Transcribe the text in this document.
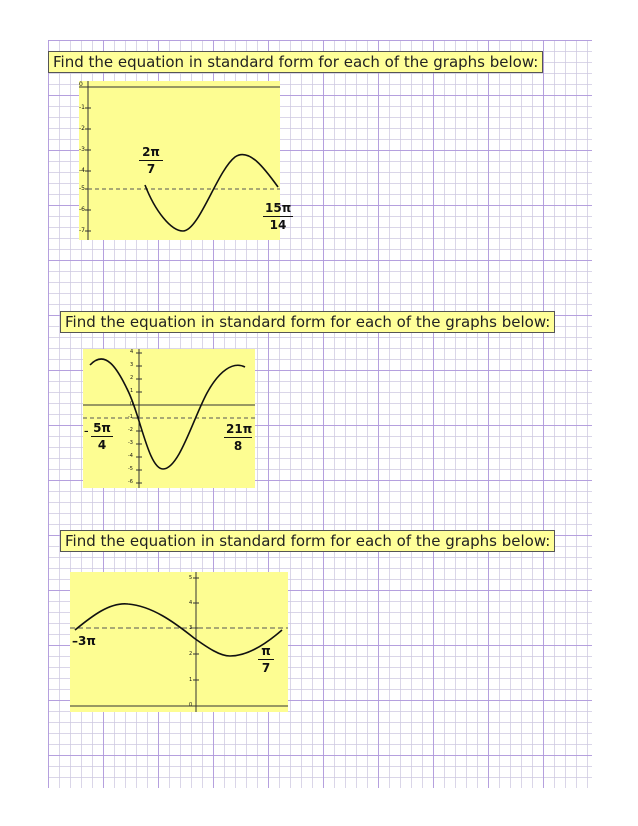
Find the equation in standard form for each of the graphs below:
0
-1
-2
-3
-4
-5
-6
-7
2π
7
15π
14
Find the equation in standard form for each of the graphs below:
4
3
2
1
0
-1
-2
-3
-4
-5
-6
– 5π
4
21π
8
Find the equation in standard form for each of the graphs below:
5
4
3
2
1
0
–3π
π
7
